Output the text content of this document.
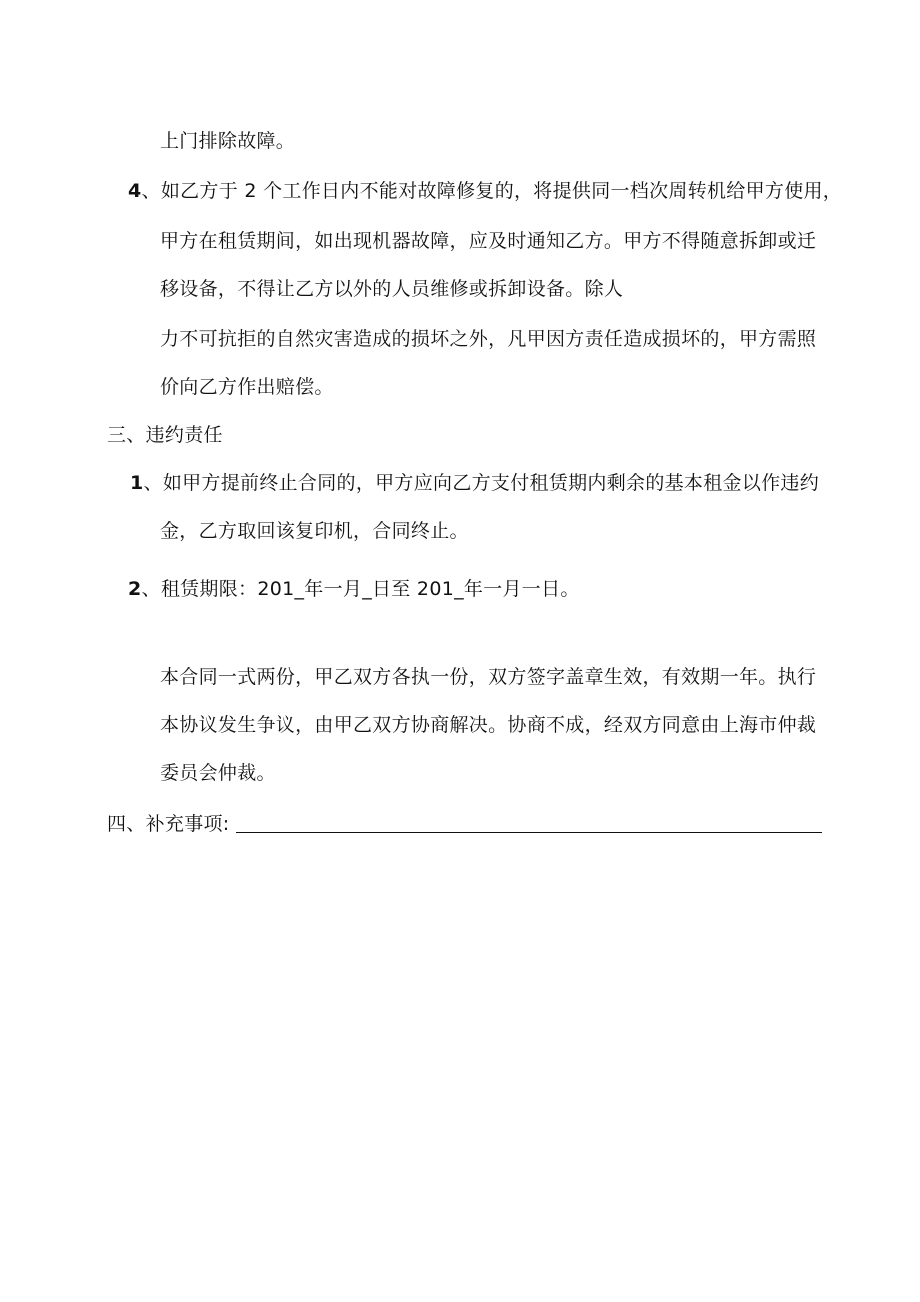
上门排除故障。
4、如乙方于 2 个工作日内不能对故障修复的，将提供同一档次周转机给甲方使用，
甲方在租赁期间，如出现机器故障，应及时通知乙方。甲方不得随意拆卸或迁
移设备，不得让乙方以外的人员维修或拆卸设备。除人
力不可抗拒的自然灾害造成的损坏之外，凡甲因方责任造成损坏的，甲方需照
价向乙方作出赔偿。
三、违约责任
1、如甲方提前终止合同的，甲方应向乙方支付租赁期内剩余的基本租金以作违约
金，乙方取回该复印机，合同终止。
2、租赁期限：201_年一月_日至 201_年一月一日。
本合同一式两份，甲乙双方各执一份，双方签字盖章生效，有效期一年。执行
本协议发生争议，由甲乙双方协商解决。协商不成，经双方同意由上海市仲裁
委员会仲裁。
四、补充事项:
